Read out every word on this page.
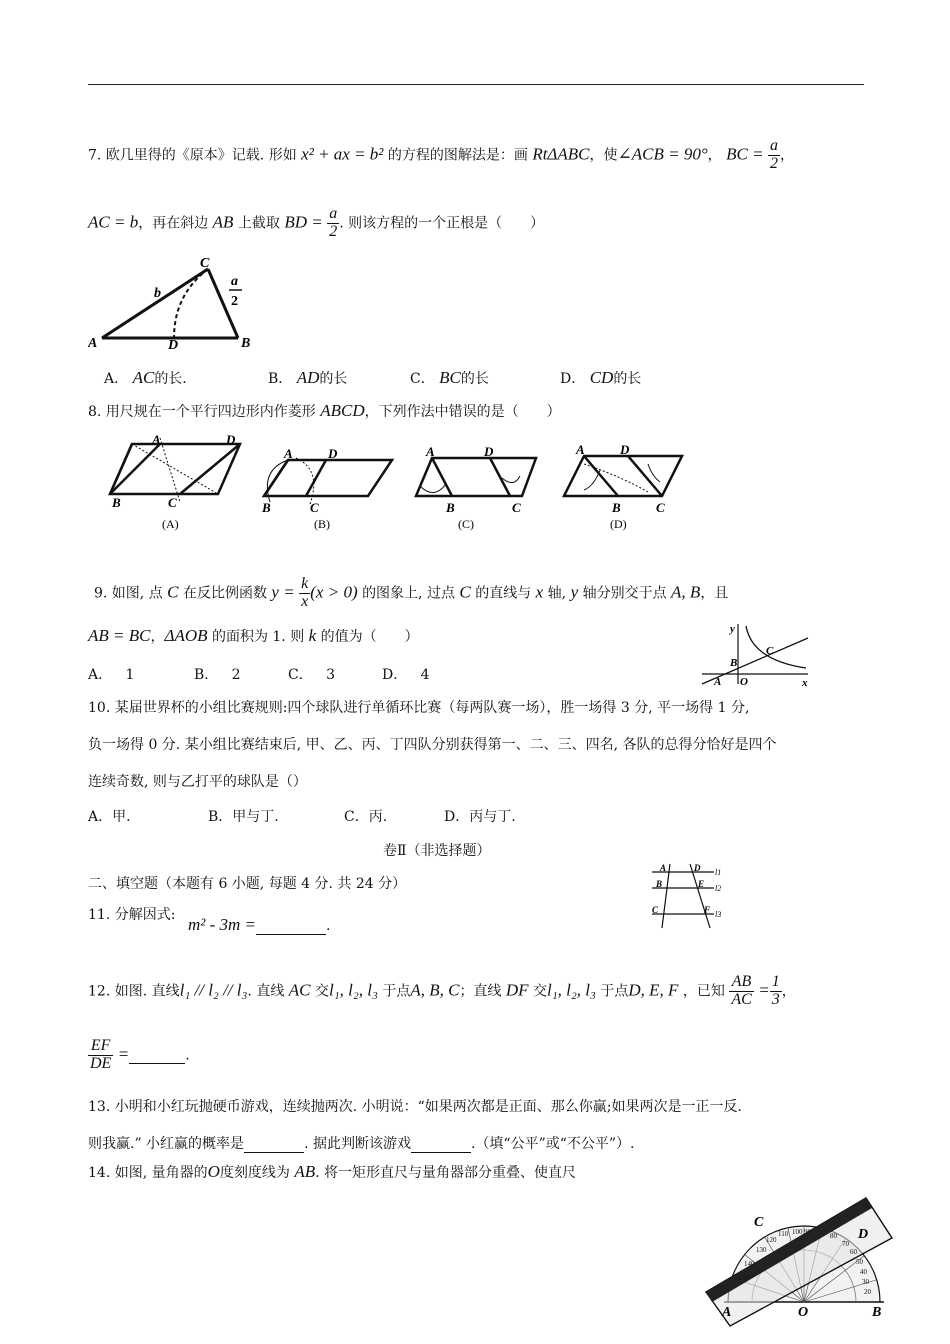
7. 欧几里得的《原本》记载. 形如 x² + ax = b² 的方程的图解法是：画 RtΔABC，使∠ACB = 90°， BC = $\frac{a}{2}$ ，
AC = b，再在斜边 AB 上截取 BD = $\frac{a}{2}$ . 则该方程的一个正根是（　　）
A	D	B
C
b
a
2
A． AC的长.	B． AD的长	C． BC的长	D． CD的长
8. 用尺规在一个平行四边形内作菱形 ABCD，下列作法中错误的是（　　）
A	D
B	C
(A)
A	D
B	C
(B)
A	D
B	C
(C)
A	D
B	C
(D)
9. 如图, 点 C 在反比例函数 $y = \frac{k}{x} (x > 0)$ 的图象上, 过点 C 的直线与 x 轴, y 轴分别交于点 A, B，且
AB = BC，ΔAOB 的面积为 1. 则 k 的值为（　　）
A． 1	B． 2	C． 3	D． 4
y
x
A O
B
C
10. 某届世界杯的小组比赛规则:四个球队进行单循环比赛（每两队赛一场），胜一场得 3 分, 平一场得 1 分,
负一场得 0 分. 某小组比赛结束后, 甲、乙、丙、丁四队分别获得第一、二、三、四名, 各队的总得分恰好是四个
连续奇数, 则与乙打平的球队是（）
A．甲.	B．甲与丁.	C．丙.	D．丙与丁.
卷Ⅱ（非选择题）
二、填空题（本题有 6 小题, 每题 4 分. 共 24 分）
11. 分解因式: m² - 3m =	.
A	D
B	E
C	F
l1
l2
l3
12. 如图. 直线l₁ // l₂ // l₃. 直线 AC 交l₁, l₂, l₃ 于点A, B, C；直线 DF 交l₁, l₂, l₃ 于点D, E, F ，已知 $\frac{AB}{AC} = \frac{1}{3}$ ，
$\frac{EF}{DE}$ =	.
13. 小明和小红玩抛硬币游戏，连续抛两次. 小明说：“如果两次都是正面、那么你赢;如果两次是一正一反.
则我赢.” 小红赢的概率是	. 据此判断该游戏	.（填“公平”或“不公平”）.
14. 如图, 量角器的O度刻度线为 AB. 将一矩形直尺与量角器部分重叠、使直尺
150
140
130
120
110 100 90	80
70
60
50
40
30
20
A	O	B
C
D
